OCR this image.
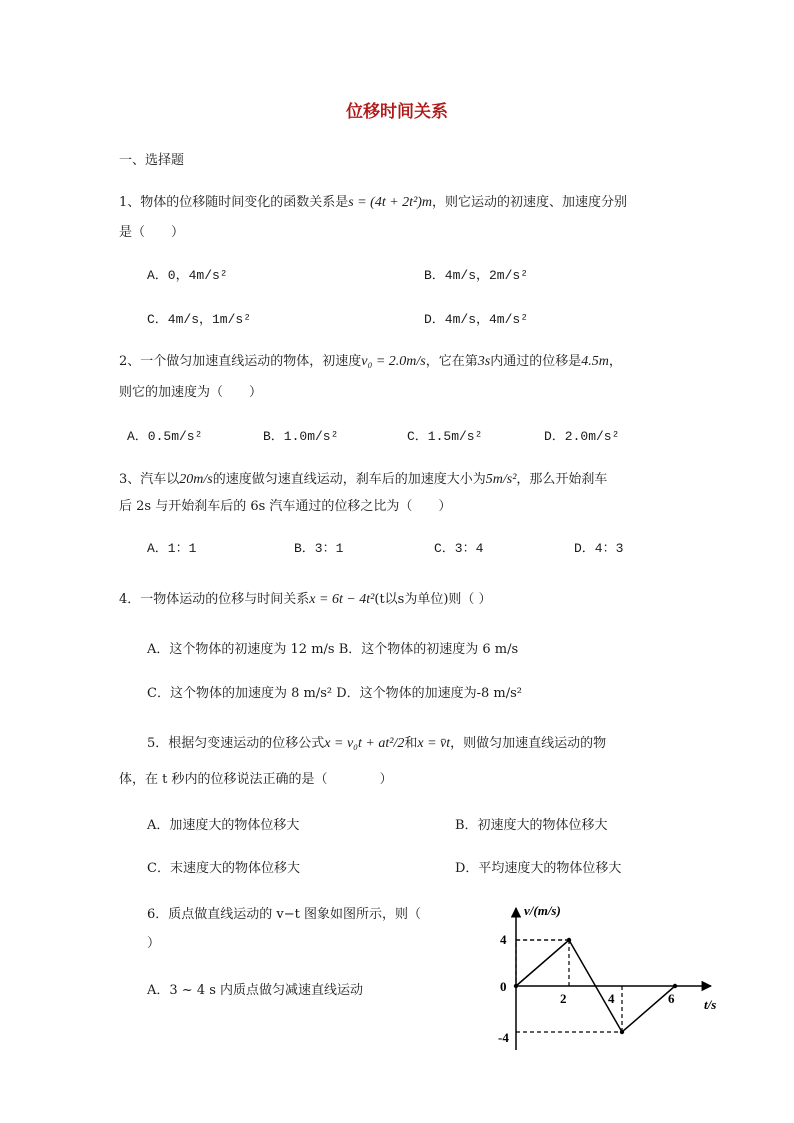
位移时间关系
一、选择题
1、物体的位移随时间变化的函数关系是s = (4t + 2t²)m，则它运动的初速度、加速度分别
是（　　）
A．0，4m/s²	B．4m/s，2m/s²
C．4m/s，1m/s²	D．4m/s，4m/s²
2、一个做匀加速直线运动的物体，初速度v₀ = 2.0m/s，它在第3s内通过的位移是4.5m，
则它的加速度为（　　）
A．0.5m/s²	B．1.0m/s²	C．1.5m/s²	D．2.0m/s²
3、汽车以20m/s的速度做匀速直线运动，刹车后的加速度大小为5m/s²，那么开始刹车
后 2s 与开始刹车后的 6s 汽车通过的位移之比为（　　）
A．1：1	B．3：1	C．3：4	D．4：3
4．一物体运动的位移与时间关系x = 6t − 4t²(t以s为单位)则（ ）
A．这个物体的初速度为 12 m/s B．这个物体的初速度为 6 m/s
C．这个物体的加速度为 8 m/s² D．这个物体的加速度为-8 m/s²
5．根据匀变速运动的位移公式x = v₀t + at²/2和x = v̄t，则做匀加速直线运动的物
体，在 t 秒内的位移说法正确的是（　　　　）
A．加速度大的物体位移大	B．初速度大的物体位移大
C．末速度大的物体位移大	D．平均速度大的物体位移大
6．质点做直线运动的 v−t 图象如图所示，则（
）
A．3 ~ 4 s 内质点做匀减速直线运动
v/(m/s)
t/s
4
0
-4
2	4	6
